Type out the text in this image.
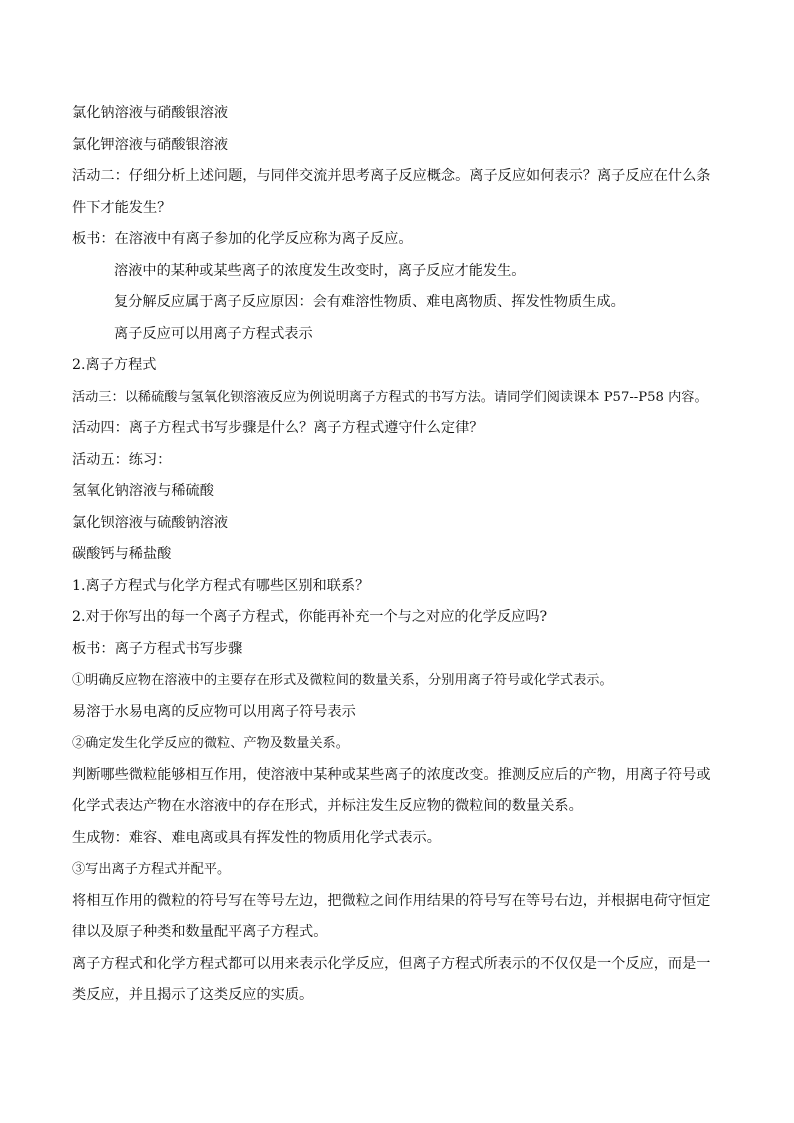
氯化钠溶液与硝酸银溶液
氯化钾溶液与硝酸银溶液
活动二：仔细分析上述问题，与同伴交流并思考离子反应概念。离子反应如何表示？离子反应在什么条件下才能发生？
板书：在溶液中有离子参加的化学反应称为离子反应。
溶液中的某种或某些离子的浓度发生改变时，离子反应才能发生。
复分解反应属于离子反应原因：会有难溶性物质、难电离物质、挥发性物质生成。
离子反应可以用离子方程式表示
2.离子方程式
活动三：以稀硫酸与氢氧化钡溶液反应为例说明离子方程式的书写方法。请同学们阅读课本 P57--P58 内容。
活动四：离子方程式书写步骤是什么？离子方程式遵守什么定律？
活动五：练习：
氢氧化钠溶液与稀硫酸
氯化钡溶液与硫酸钠溶液
碳酸钙与稀盐酸
1.离子方程式与化学方程式有哪些区别和联系？
2.对于你写出的每一个离子方程式，你能再补充一个与之对应的化学反应吗?
板书：离子方程式书写步骤
①明确反应物在溶液中的主要存在形式及微粒间的数量关系，分别用离子符号或化学式表示。
易溶于水易电离的反应物可以用离子符号表示
②确定发生化学反应的微粒、产物及数量关系。
判断哪些微粒能够相互作用，使溶液中某种或某些离子的浓度改变。推测反应后的产物，用离子符号或化学式表达产物在水溶液中的存在形式，并标注发生反应物的微粒间的数量关系。
生成物：难容、难电离或具有挥发性的物质用化学式表示。
③写出离子方程式并配平。
将相互作用的微粒的符号写在等号左边，把微粒之间作用结果的符号写在等号右边，并根据电荷守恒定律以及原子种类和数量配平离子方程式。
离子方程式和化学方程式都可以用来表示化学反应，但离子方程式所表示的不仅仅是一个反应，而是一类反应，并且揭示了这类反应的实质。
